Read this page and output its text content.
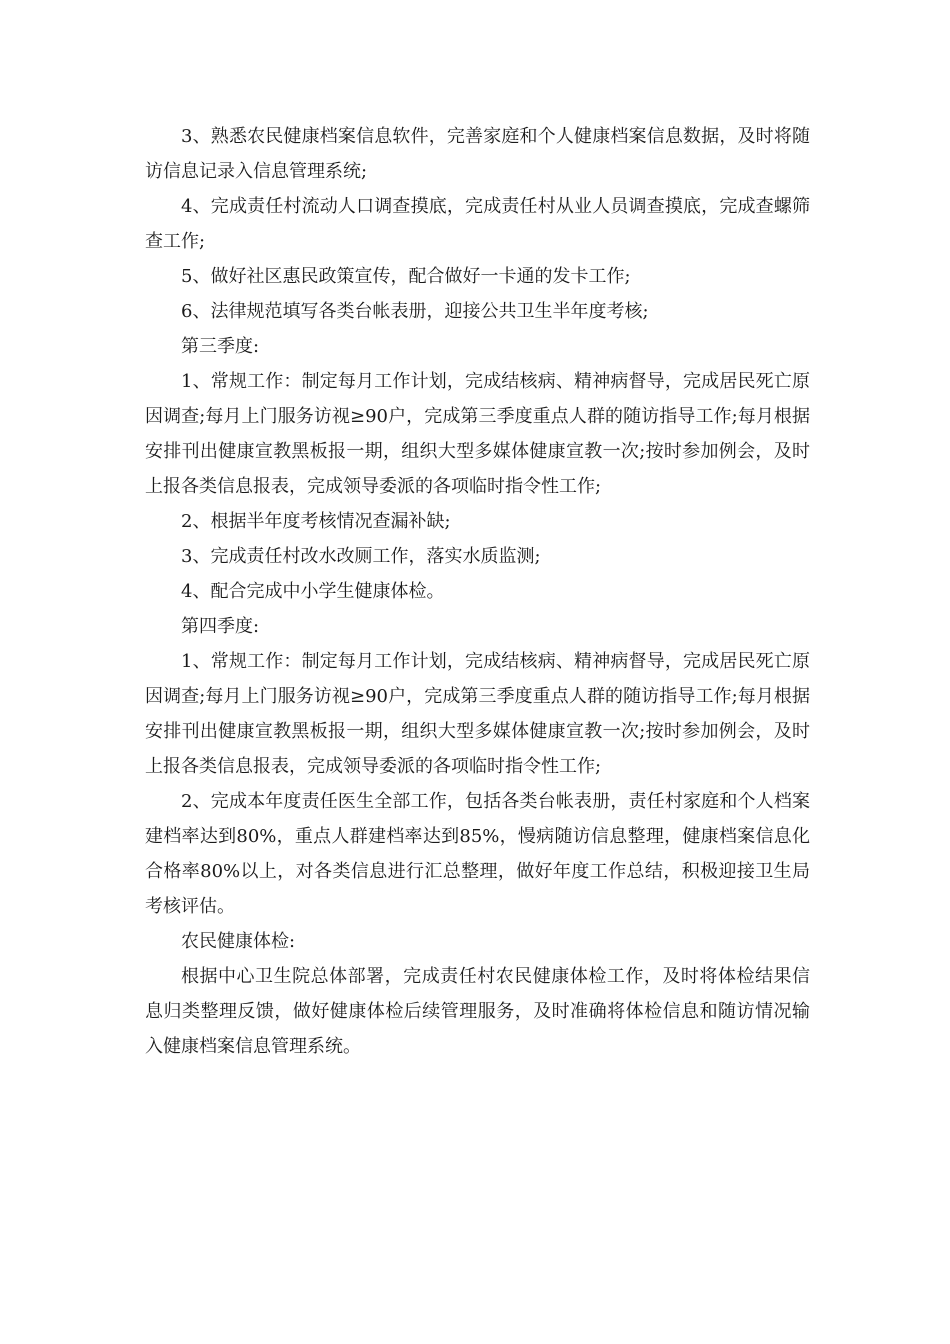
3、熟悉农民健康档案信息软件，完善家庭和个人健康档案信息数据，及时将随访信息记录入信息管理系统;

4、完成责任村流动人口调查摸底，完成责任村从业人员调查摸底，完成查螺筛查工作;

5、做好社区惠民政策宣传，配合做好一卡通的发卡工作;

6、法律规范填写各类台帐表册，迎接公共卫生半年度考核;

第三季度:

1、常规工作：制定每月工作计划，完成结核病、精神病督导，完成居民死亡原因调查;每月上门服务访视≥90户，完成第三季度重点人群的随访指导工作;每月根据安排刊出健康宣教黑板报一期，组织大型多媒体健康宣教一次;按时参加例会，及时上报各类信息报表，完成领导委派的各项临时指令性工作;

2、根据半年度考核情况查漏补缺;

3、完成责任村改水改厕工作，落实水质监测;

4、配合完成中小学生健康体检。

第四季度:

1、常规工作：制定每月工作计划，完成结核病、精神病督导，完成居民死亡原因调查;每月上门服务访视≥90户，完成第三季度重点人群的随访指导工作;每月根据安排刊出健康宣教黑板报一期，组织大型多媒体健康宣教一次;按时参加例会，及时上报各类信息报表，完成领导委派的各项临时指令性工作;

2、完成本年度责任医生全部工作，包括各类台帐表册，责任村家庭和个人档案建档率达到80%，重点人群建档率达到85%，慢病随访信息整理，健康档案信息化合格率80%以上，对各类信息进行汇总整理，做好年度工作总结，积极迎接卫生局考核评估。

农民健康体检:

根据中心卫生院总体部署，完成责任村农民健康体检工作，及时将体检结果信息归类整理反馈，做好健康体检后续管理服务，及时准确将体检信息和随访情况输入健康档案信息管理系统。
